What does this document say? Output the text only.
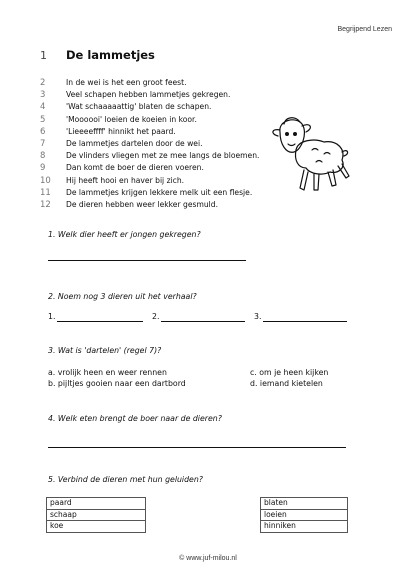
Begrijpend Lezen
1	De lammetjes
2	In de wei is het een groot feest.
3	Veel schapen hebben lammetjes gekregen.
4	'Wat schaaaaattig' blaten de schapen.
5	'Moooooi' loeien de koeien in koor.
6	'Lieeeeffff' hinnikt het paard.
7	De lammetjes dartelen door de wei.
8	De vlinders vliegen met ze mee langs de bloemen.
9	Dan komt de boer de dieren voeren.
10	Hij heeft hooi en haver bij zich.
11	De lammetjes krijgen lekkere melk uit een flesje.
12	De dieren hebben weer lekker gesmuld.
1. Welk dier heeft er jongen gekregen?
2. Noem nog 3 dieren uit het verhaal?
1.	2.	3.
3. Wat is 'dartelen' (regel 7)?
a. vrolijk heen en weer rennen
b. pijltjes gooien naar een dartbord
c. om je heen kijken
d. iemand kietelen
4. Welk eten brengt de boer naar de dieren?
5. Verbind de dieren met hun geluiden?
paard
schaap
koe
blaten
loeien
hinniken
© www.juf-milou.nl
